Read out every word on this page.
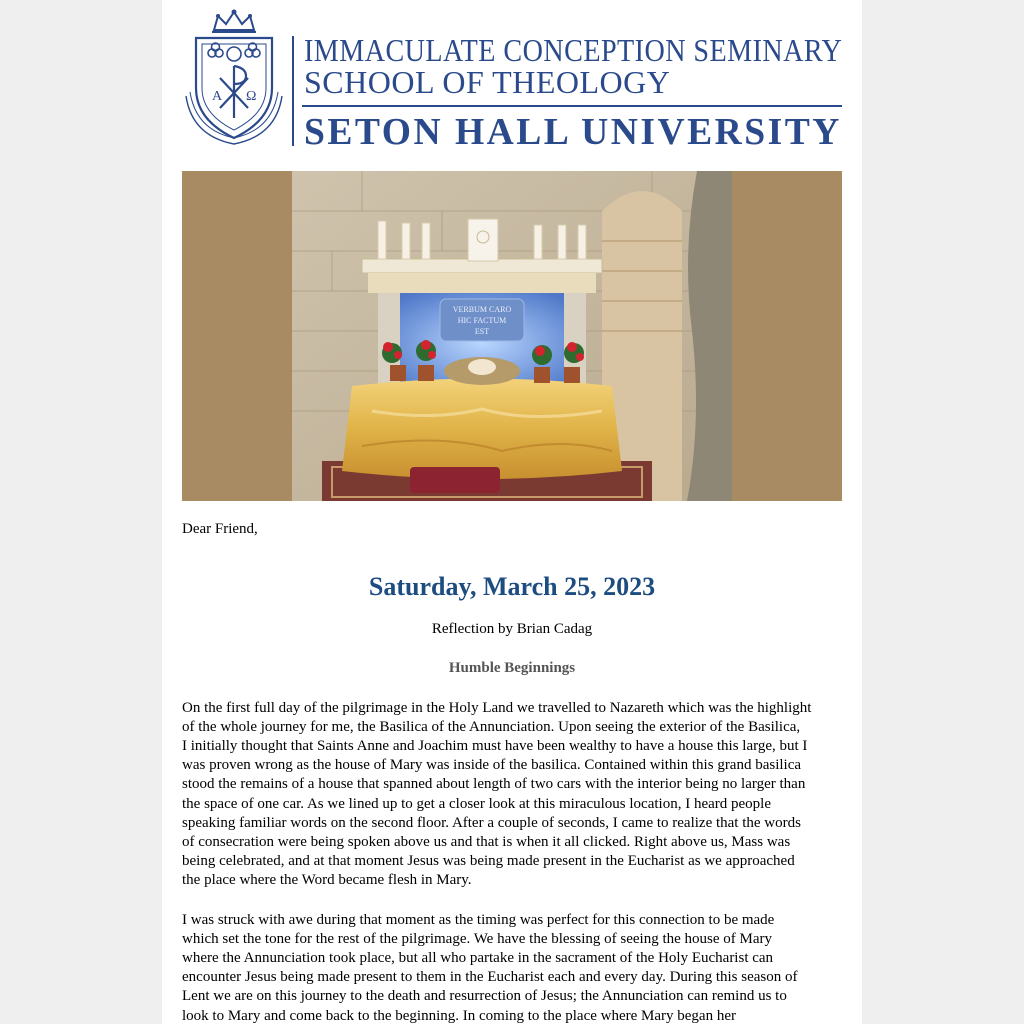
A Ω
IMMACULATE CONCEPTION SEMINARY
SCHOOL OF THEOLOGY
SETON HALL UNIVERSITY
VERBUM CARO
HIC FACTUM
EST

Dear Friend,

Saturday, March 25, 2023

Reflection by Brian Cadag

Humble Beginnings

On the first full day of the pilgrimage in the Holy Land we travelled to Nazareth which was the highlight
of the whole journey for me, the Basilica of the Annunciation. Upon seeing the exterior of the Basilica,
I initially thought that Saints Anne and Joachim must have been wealthy to have a house this large, but I
was proven wrong as the house of Mary was inside of the basilica. Contained within this grand basilica
stood the remains of a house that spanned about length of two cars with the interior being no larger than
the space of one car. As we lined up to get a closer look at this miraculous location, I heard people
speaking familiar words on the second floor. After a couple of seconds, I came to realize that the words
of consecration were being spoken above us and that is when it all clicked. Right above us, Mass was
being celebrated, and at that moment Jesus was being made present in the Eucharist as we approached
the place where the Word became flesh in Mary.

I was struck with awe during that moment as the timing was perfect for this connection to be made
which set the tone for the rest of the pilgrimage. We have the blessing of seeing the house of Mary
where the Annunciation took place, but all who partake in the sacrament of the Holy Eucharist can
encounter Jesus being made present to them in the Eucharist each and every day. During this season of
Lent we are on this journey to the death and resurrection of Jesus; the Annunciation can remind us to
look to Mary and come back to the beginning. In coming to the place where Mary began her
